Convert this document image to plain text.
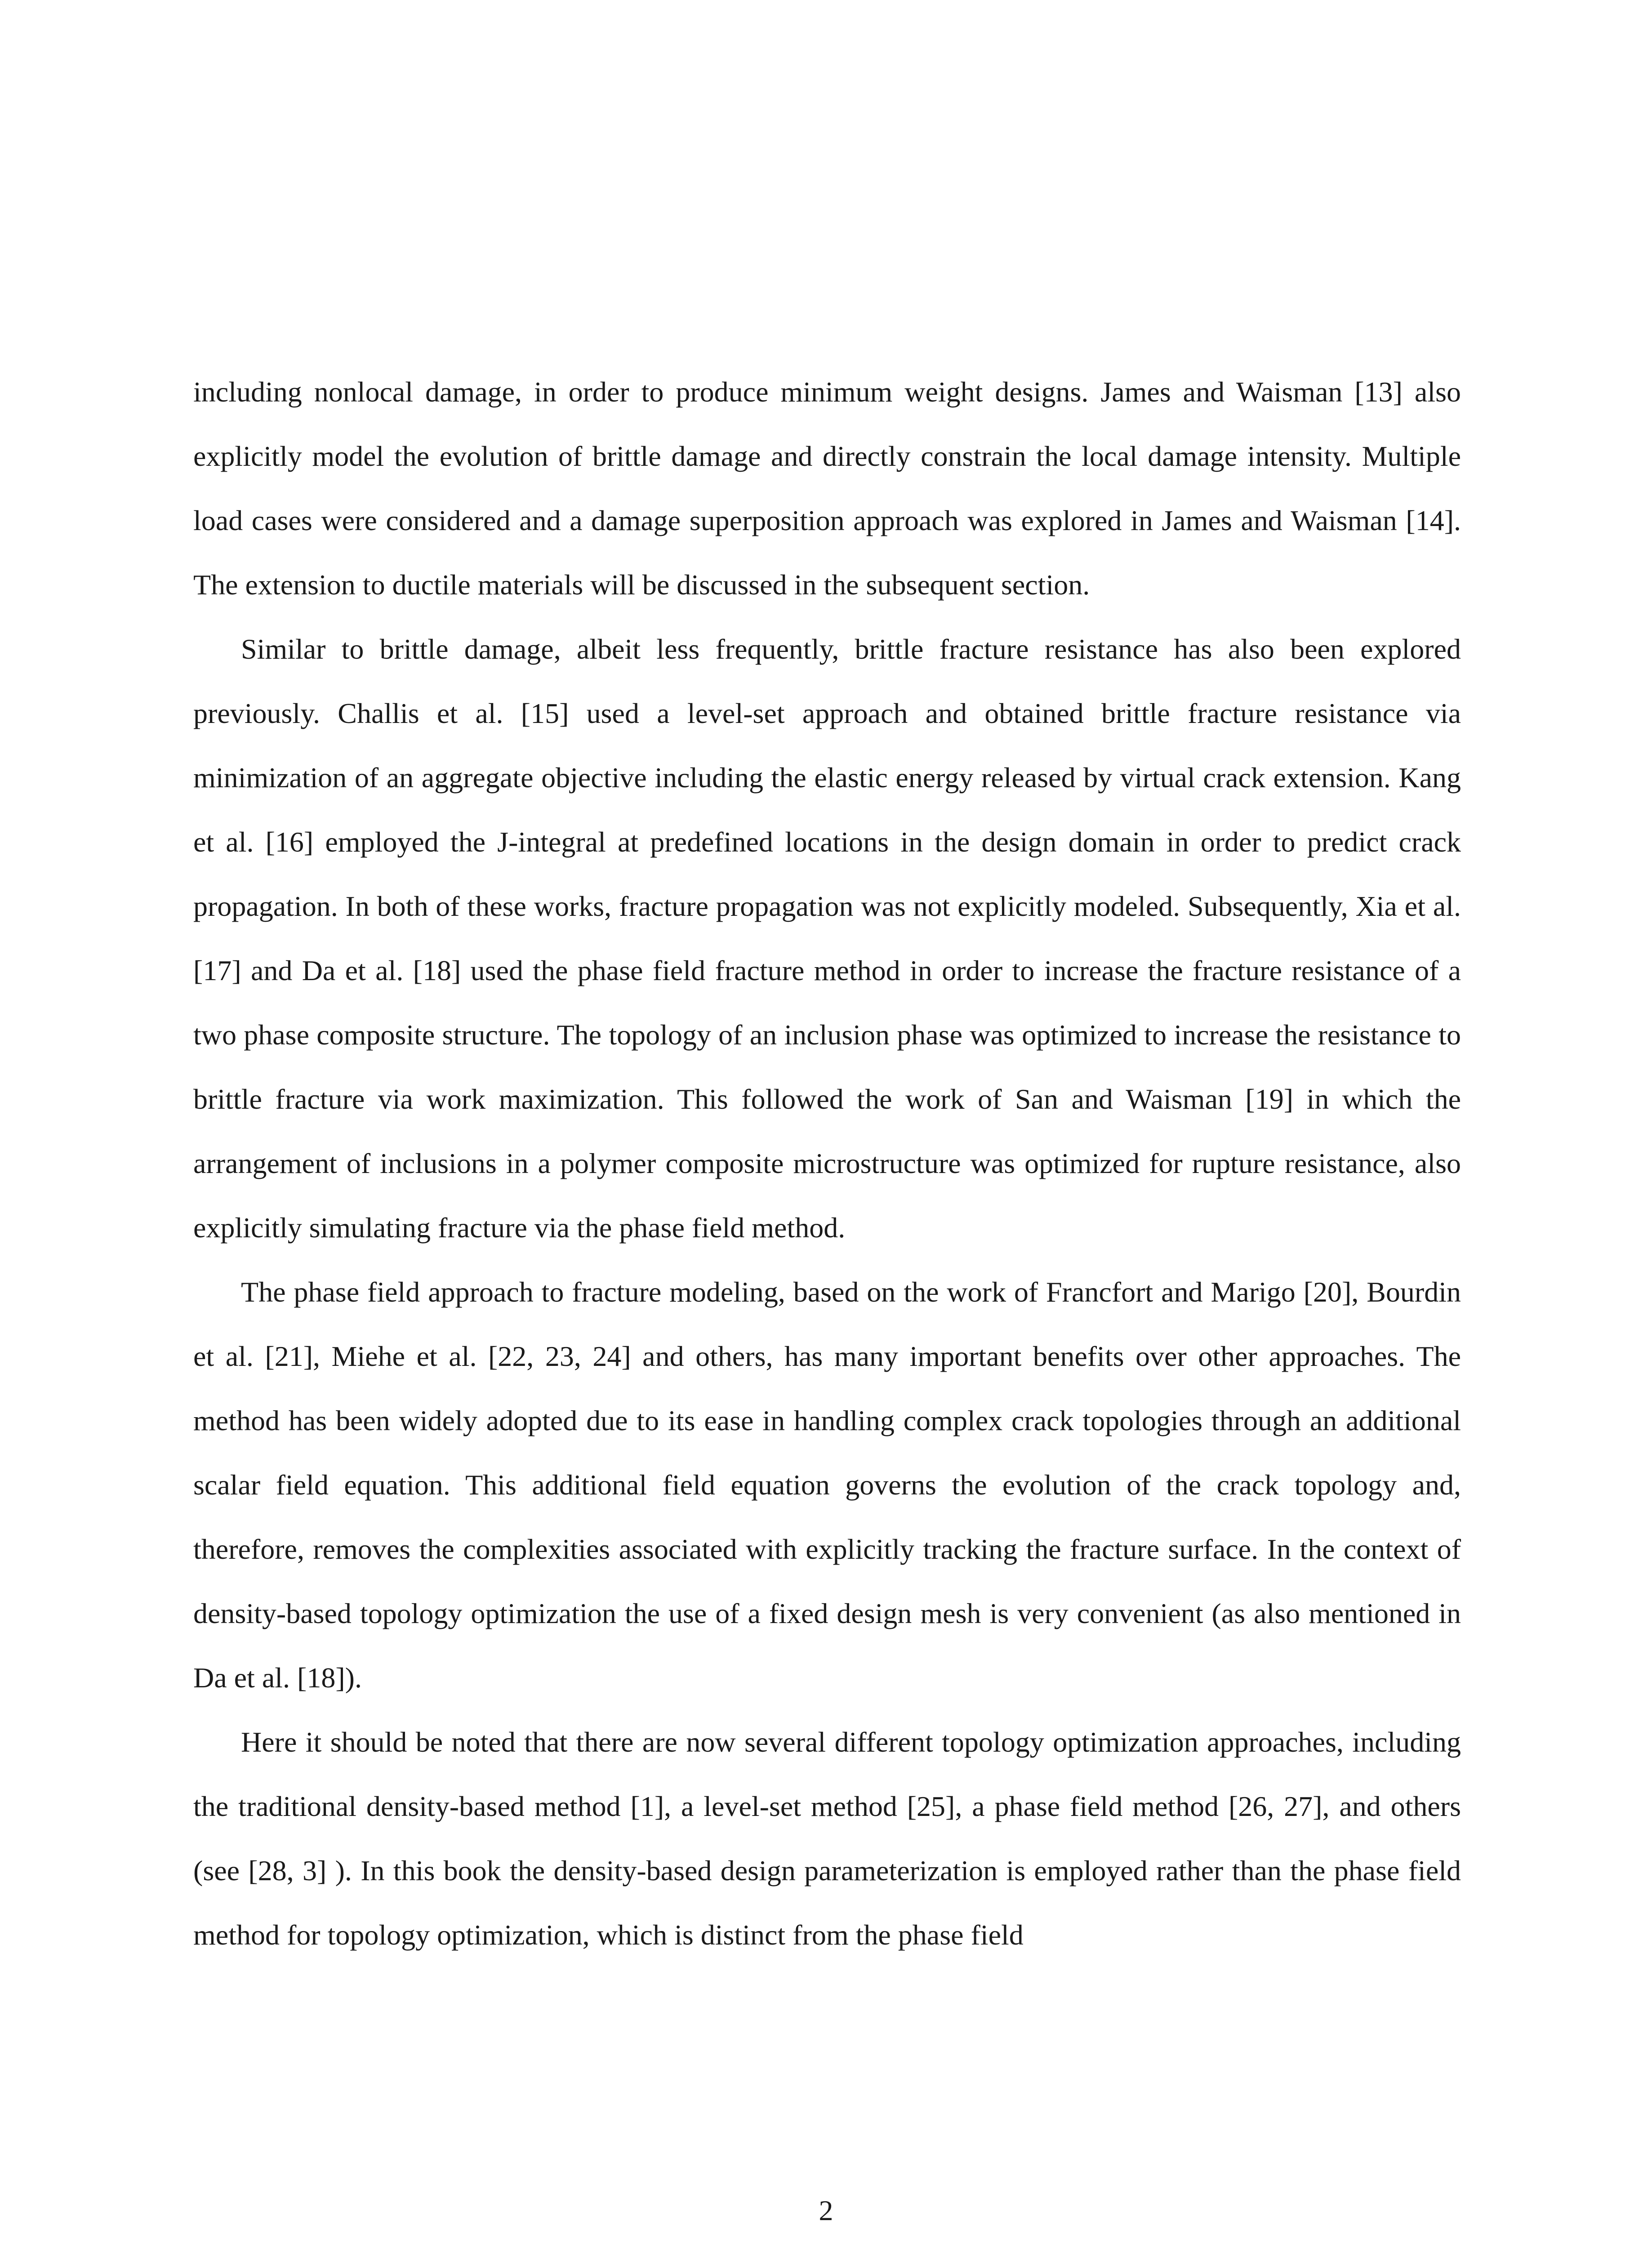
including nonlocal damage, in order to produce minimum weight designs. James and Waisman [13] also explicitly model the evolution of brittle damage and directly constrain the local damage intensity. Multiple load cases were considered and a damage superposition approach was explored in James and Waisman [14]. The extension to ductile materials will be discussed in the subsequent section.

Similar to brittle damage, albeit less frequently, brittle fracture resistance has also been explored previously. Challis et al. [15] used a level-set approach and obtained brittle fracture resistance via minimization of an aggregate objective including the elastic energy released by virtual crack extension. Kang et al. [16] employed the J-integral at predefined locations in the design domain in order to predict crack propagation. In both of these works, fracture propagation was not explicitly modeled. Subsequently, Xia et al. [17] and Da et al. [18] used the phase field fracture method in order to increase the fracture resistance of a two phase composite structure. The topology of an inclusion phase was optimized to increase the resistance to brittle fracture via work maximization. This followed the work of San and Waisman [19] in which the arrangement of inclusions in a polymer composite microstructure was optimized for rupture resistance, also explicitly simulating fracture via the phase field method.

The phase field approach to fracture modeling, based on the work of Francfort and Marigo [20], Bourdin et al. [21], Miehe et al. [22, 23, 24] and others, has many important benefits over other approaches. The method has been widely adopted due to its ease in handling complex crack topologies through an additional scalar field equation. This additional field equation governs the evolution of the crack topology and, therefore, removes the complexities associated with explicitly tracking the fracture surface. In the context of density-based topology optimization the use of a fixed design mesh is very convenient (as also mentioned in Da et al. [18]).

Here it should be noted that there are now several different topology optimization approaches, including the traditional density-based method [1], a level-set method [25], a phase field method [26, 27], and others (see [28, 3] ). In this book the density-based design parameterization is employed rather than the phase field method for topology optimization, which is distinct from the phase field

2
